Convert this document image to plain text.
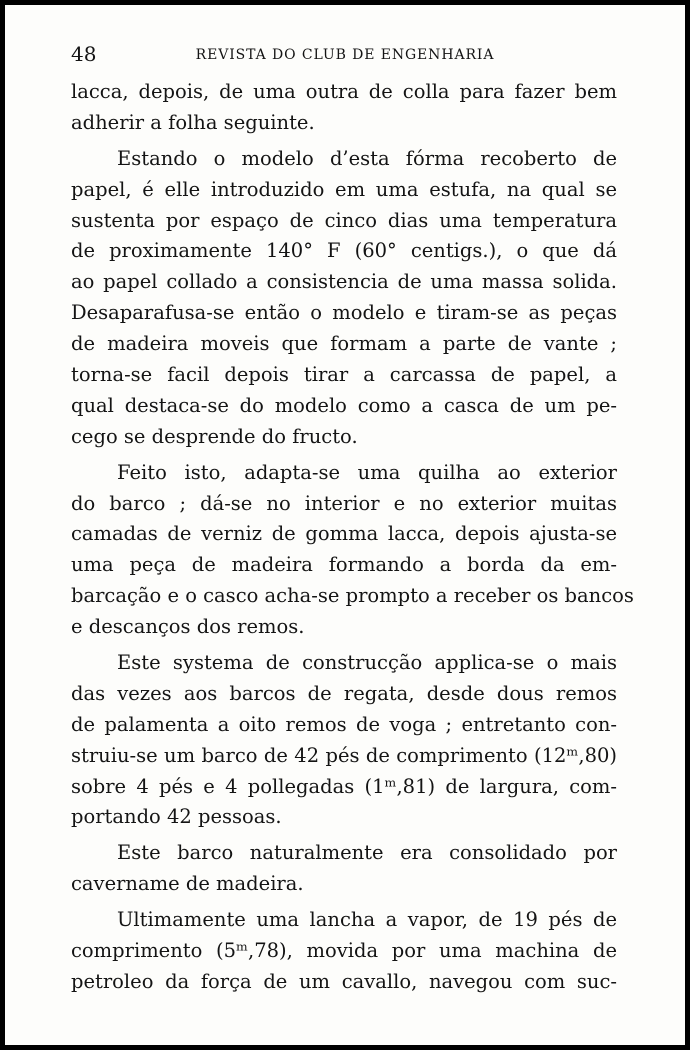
48	REVISTA DO CLUB DE ENGENHARIA
lacca, depois, de uma outra de colla para fazer bem
adherir a folha seguinte.
Estando o modelo d’esta fórma recoberto de
papel, é elle introduzido em uma estufa, na qual se
sustenta por espaço de cinco dias uma temperatura
de proximamente 140° F (60° centigs.), o que dá
ao papel collado a consistencia de uma massa solida.
Desaparafusa-se então o modelo e tiram-se as peças
de madeira moveis que formam a parte de vante ;
torna-se facil depois tirar a carcassa de papel, a
qual destaca-se do modelo como a casca de um pe-
cego se desprende do fructo.
Feito isto, adapta-se uma quilha ao exterior
do barco ; dá-se no interior e no exterior muitas
camadas de verniz de gomma lacca, depois ajusta-se
uma peça de madeira formando a borda da em-
barcação e o casco acha-se prompto a receber os bancos
e descanços dos remos.
Este systema de construcção applica-se o mais
das vezes aos barcos de regata, desde dous remos
de palamenta a oito remos de voga ; entretanto con-
struiu-se um barco de 42 pés de comprimento (12ᵐ,80)
sobre 4 pés e 4 pollegadas (1ᵐ,81) de largura, com-
portando 42 pessoas.
Este barco naturalmente era consolidado por
cavername de madeira.
Ultimamente uma lancha a vapor, de 19 pés de
comprimento (5ᵐ,78), movida por uma machina de
petroleo da força de um cavallo, navegou com suc-
